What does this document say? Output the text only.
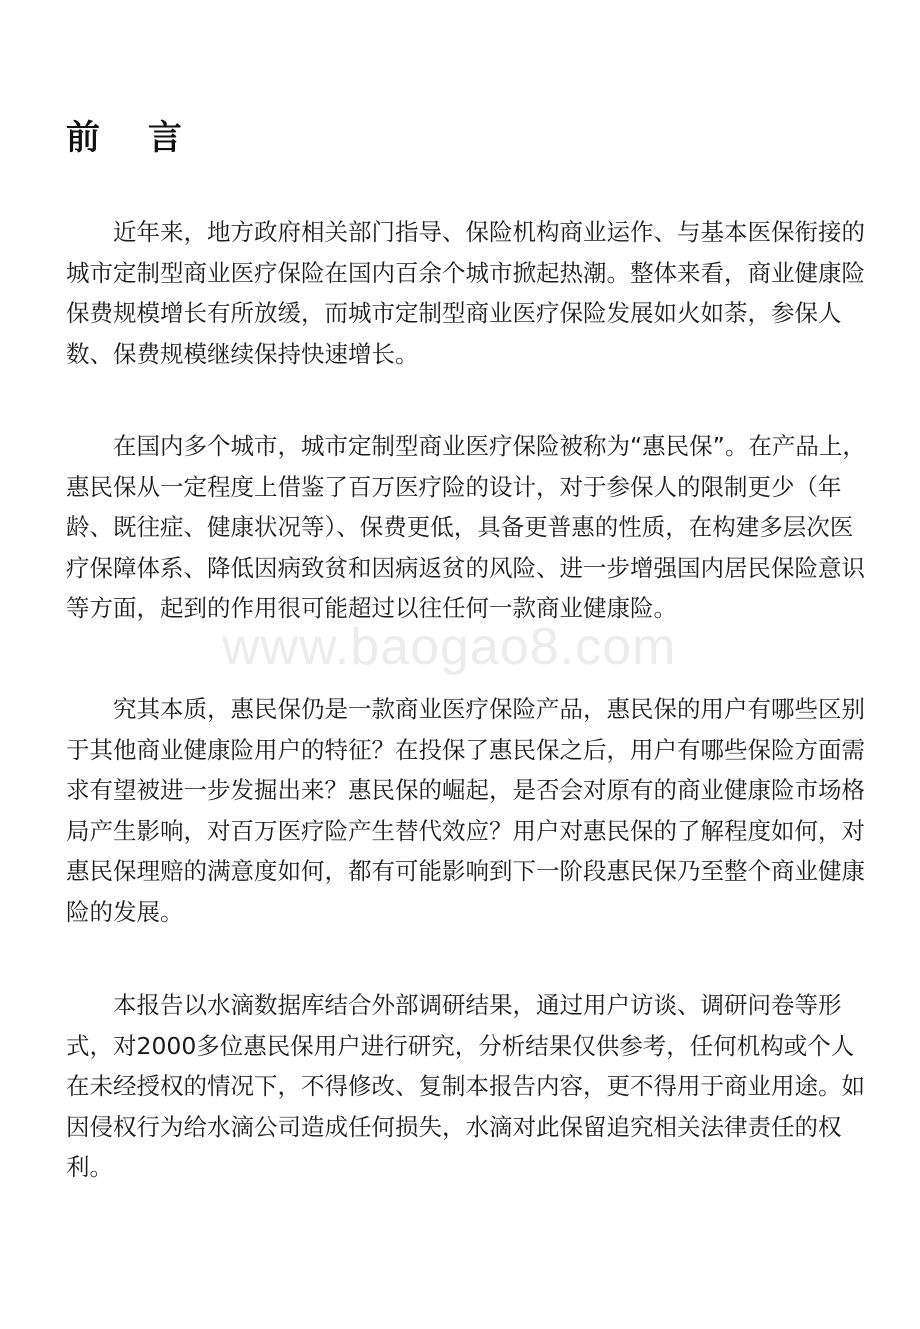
前 言
www.baogao8.com

近年来，地方政府相关部门指导、保险机构商业运作、与基本医保衔接的城市定制型商业医疗保险在国内百余个城市掀起热潮。整体来看，商业健康险保费规模增长有所放缓，而城市定制型商业医疗保险发展如火如荼，参保人数、保费规模继续保持快速增长。

在国内多个城市，城市定制型商业医疗保险被称为“惠民保”。在产品上，惠民保从一定程度上借鉴了百万医疗险的设计，对于参保人的限制更少（年龄、既往症、健康状况等）、保费更低，具备更普惠的性质，在构建多层次医疗保障体系、降低因病致贫和因病返贫的风险、进一步增强国内居民保险意识等方面，起到的作用很可能超过以往任何一款商业健康险。

究其本质，惠民保仍是一款商业医疗保险产品，惠民保的用户有哪些区别于其他商业健康险用户的特征？在投保了惠民保之后，用户有哪些保险方面需求有望被进一步发掘出来？惠民保的崛起，是否会对原有的商业健康险市场格局产生影响，对百万医疗险产生替代效应？用户对惠民保的了解程度如何，对惠民保理赔的满意度如何，都有可能影响到下一阶段惠民保乃至整个商业健康险的发展。

本报告以水滴数据库结合外部调研结果，通过用户访谈、调研问卷等形式，对2000多位惠民保用户进行研究，分析结果仅供参考，任何机构或个人在未经授权的情况下，不得修改、复制本报告内容，更不得用于商业用途。如因侵权行为给水滴公司造成任何损失，水滴对此保留追究相关法律责任的权利。
